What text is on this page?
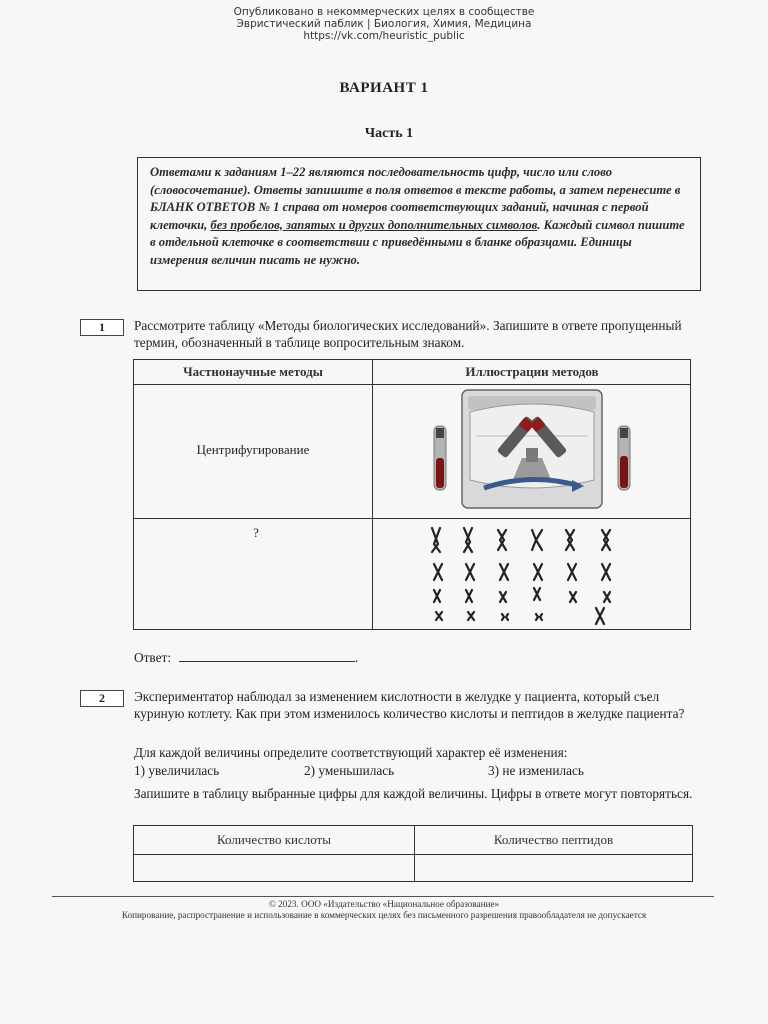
Опубликовано в некоммерческих целях в сообществе
Эвристический паблик | Биология, Химия, Медицина
https://vk.com/heuristic_public
ВАРИАНТ 1
Часть 1
Ответами к заданиям 1–22 являются последовательность цифр, число или слово (словосочетание). Ответы запишите в поля ответов в тексте работы, а затем перенесите в БЛАНК ОТВЕТОВ № 1 справа от номеров соответствующих заданий, начиная с первой клеточки, без пробелов, запятых и других дополнительных символов. Каждый символ пишите в отдельной клеточке в соответствии с приведёнными в бланке образцами. Единицы измерения величин писать не нужно.
1	Рассмотрите таблицу «Методы биологических исследований». Запишите в ответе пропущенный термин, обозначенный в таблице вопросительным знаком.
Частнонаучные методы	Иллюстрации методов
Центрифугирование
?
Ответ:	.
2	Экспериментатор наблюдал за изменением кислотности в желудке у пациента, который съел куриную котлету. Как при этом изменилось количество кислоты и пептидов в желудке пациента?
Для каждой величины определите соответствующий характер её изменения:
1) увеличилась	2) уменьшилась	3) не изменилась
Запишите в таблицу выбранные цифры для каждой величины. Цифры в ответе могут повторяться.
Количество кислоты	Количество пептидов
© 2023. ООО «Издательство «Национальное образование»
Копирование, распространение и использование в коммерческих целях без письменного разрешения правообладателя не допускается
